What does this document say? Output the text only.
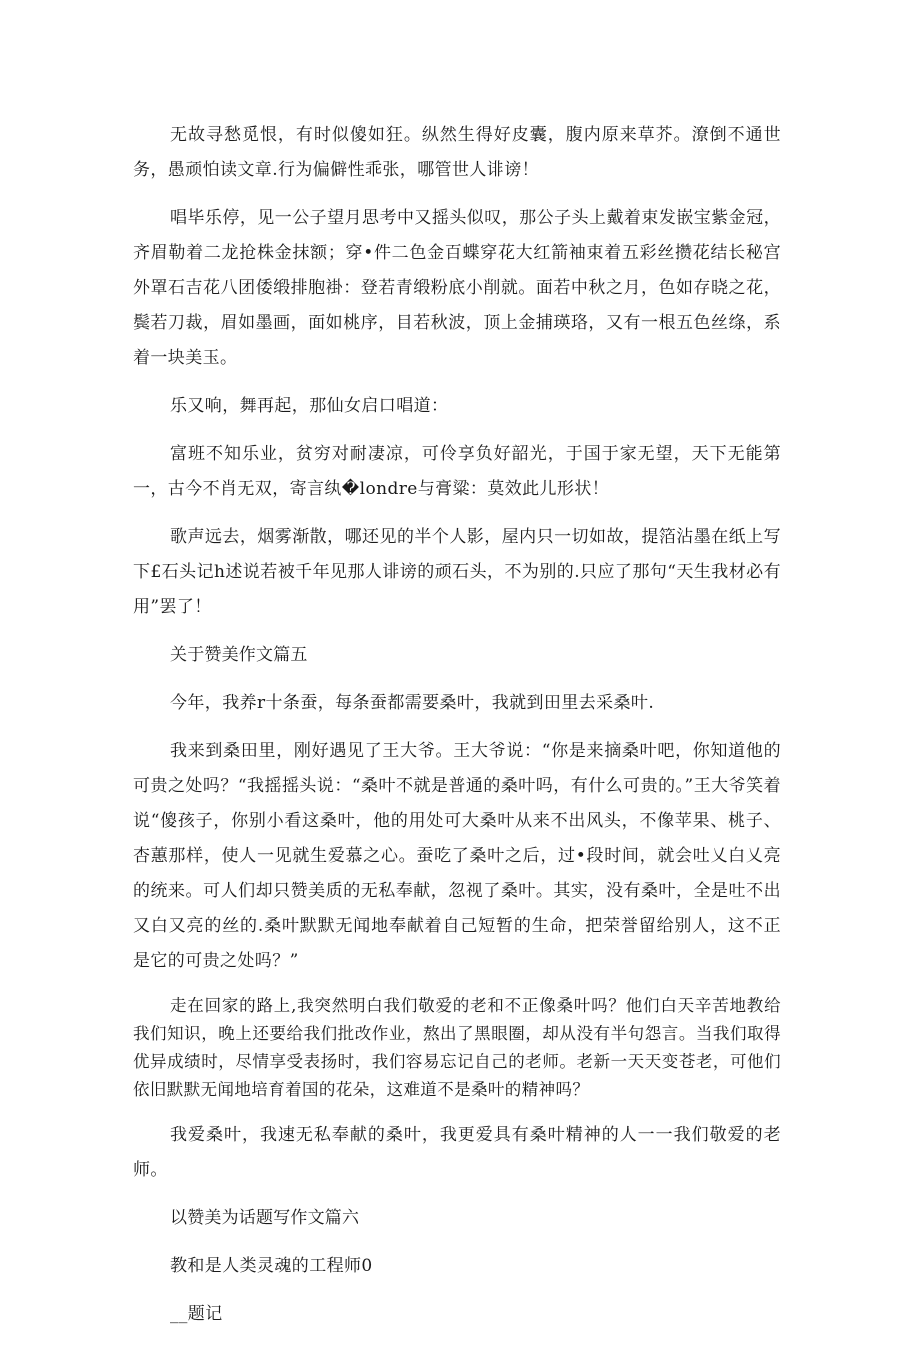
无故寻愁觅恨，有时似傻如狂。纵然生得好皮囊，腹内原来草芥。潦倒不通世务，愚顽怕读文章.行为偏僻性乖张，哪管世人诽谤！

唱毕乐停，见一公子望月思考中又摇头似叹，那公子头上戴着束发嵌宝紫金冠，齐眉勒着二龙抢株金抹额；穿•件二色金百蝶穿花大红箭袖束着五彩丝攒花结长秘宫外罩石吉花八团倭缎排胞褂：登若青缎粉底小削就。面若中秋之月，色如存晓之花，鬓若刀裁，眉如墨画，面如桃序，目若秋波，顶上金捕瑛珞，又有一根五色丝绦，系着一块美玉。

乐又响，舞再起，那仙女启口唱道：

富班不知乐业，贫穷对耐凄凉，可伶享负好韶光，于国于家无望，天下无能第一，古今不肖无双，寄言纨�londre与膏粱：莫效此儿形状！

歌声远去，烟雾渐散，哪还见的半个人影，屋内只一切如故，提箔沾墨在纸上写下£石头记h述说若被千年见那人诽谤的顽石头，不为别的.只应了那句“天生我材必有用”罢了！

关于赞美作文篇五

今年，我养r十条蚕，每条蚕都需要桑叶，我就到田里去采桑叶.

我来到桑田里，刚好遇见了王大爷。王大爷说：“你是来摘桑叶吧，你知道他的可贵之处吗？“我摇摇头说：“桑叶不就是普通的桑叶吗，有什么可贵的。”王大爷笑着说“傻孩子，你别小看这桑叶，他的用处可大桑叶从来不出风头，不像苹果、桃子、杏蕙那样，使人一见就生爱慕之心。蚕吃了桑叶之后，过•段时间，就会吐乂白乂亮的统来。可人们却只赞美质的无私奉献，忽视了桑叶。其实，没有桑叶，全是吐不出又白又亮的丝的.桑叶默默无闻地奉献着自己短暂的生命，把荣誉留给别人，这不正是它的可贵之处吗？”

走在回家的路上,我突然明白我们敬爱的老和不正像桑叶吗？他们白天辛苦地教给我们知识，晚上还要给我们批改作业，熬出了黑眼圈，却从没有半句怨言。当我们取得优异成绩时，尽情享受表扬时，我们容易忘记自己的老师。老新一天天变苍老，可他们依旧默默无闻地培育着国的花朵，这难道不是桑叶的精神吗？

我爱桑叶，我速无私奉献的桑叶，我更爱具有桑叶精神的人一一我们敬爱的老师。

以赞美为话题写作文篇六

教和是人类灵魂的工程师0

__题记
